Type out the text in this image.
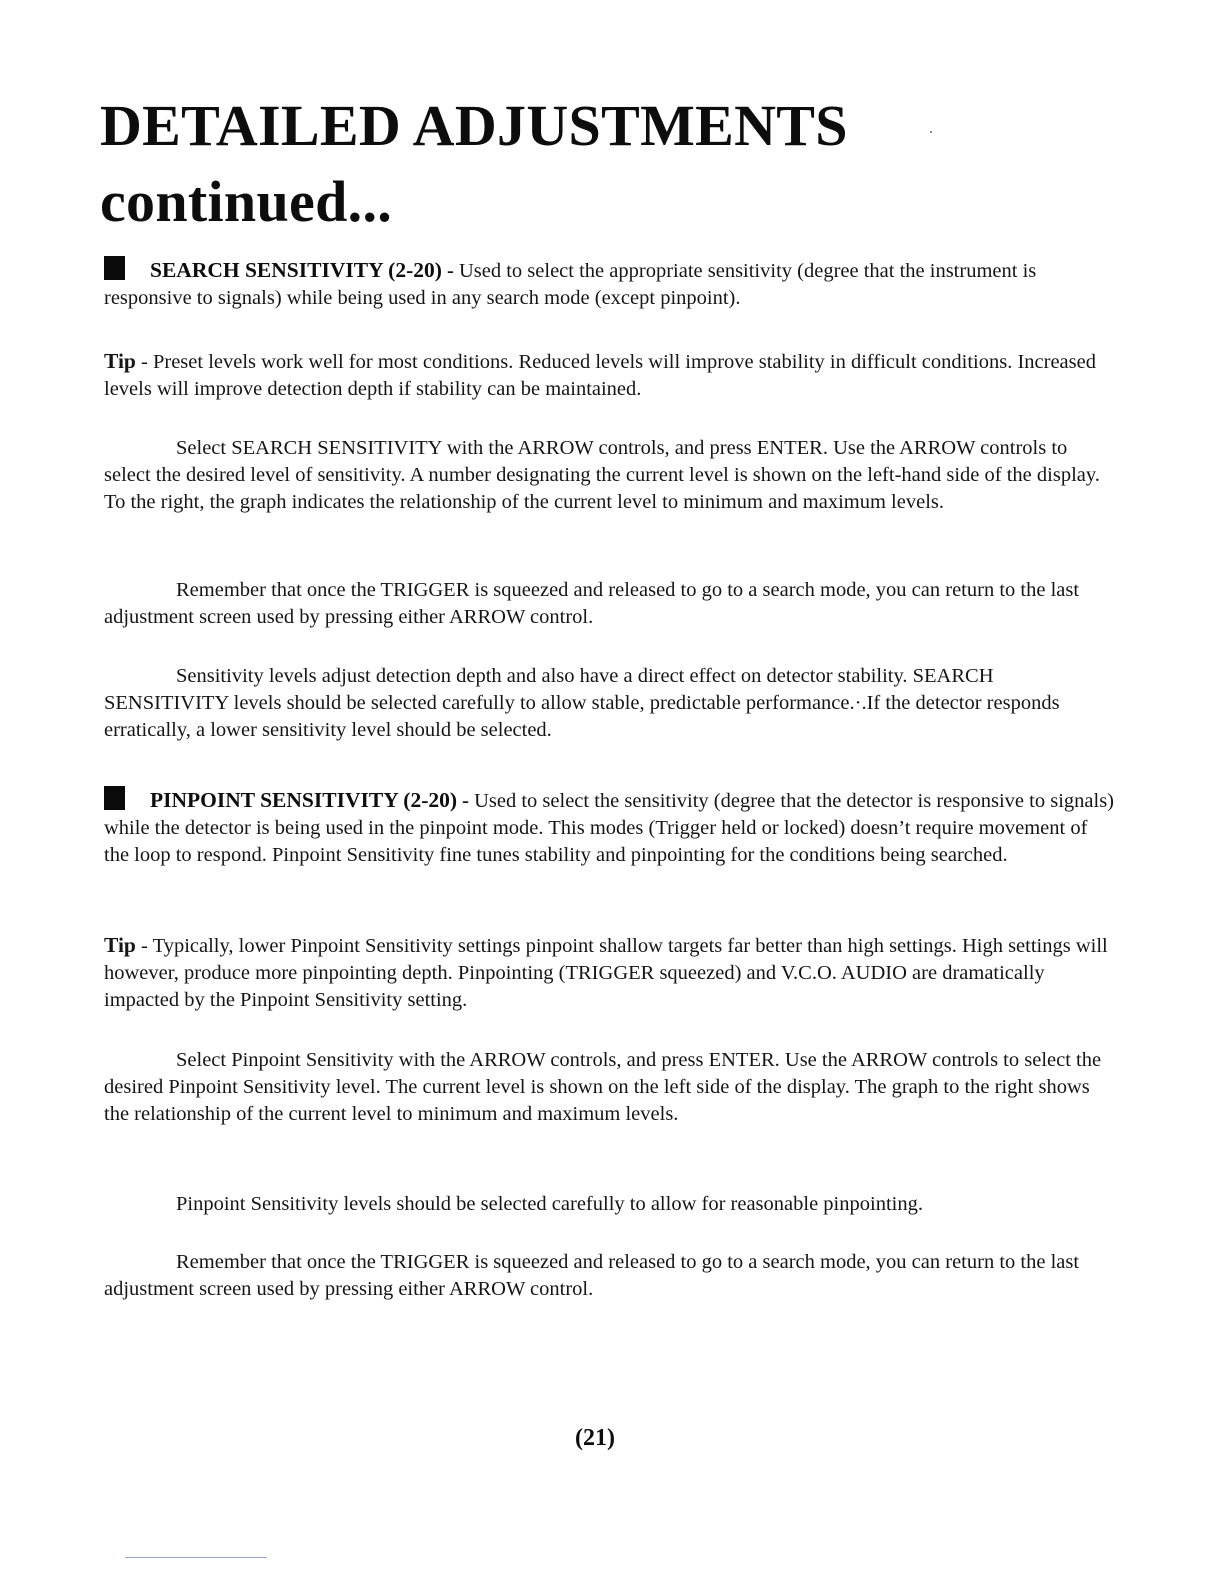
DETAILED ADJUSTMENTS
continued...

SEARCH SENSITIVITY (2-20) - Used to select the appropriate sensitivity (degree that the instrument is responsive to signals) while being used in any search mode (except pinpoint).

Tip - Preset levels work well for most conditions. Reduced levels will improve stability in difficult conditions. Increased levels will improve detection depth if stability can be maintained.

Select SEARCH SENSITIVITY with the ARROW controls, and press ENTER. Use the ARROW controls to select the desired level of sensitivity. A number designating the current level is shown on the left-hand side of the display. To the right, the graph indicates the relationship of the current level to minimum and maximum levels.

Remember that once the TRIGGER is squeezed and released to go to a search mode, you can return to the last adjustment screen used by pressing either ARROW control.

Sensitivity levels adjust detection depth and also have a direct effect on detector stability. SEARCH SENSITIVITY levels should be selected carefully to allow stable, predictable performance.·.If the detector responds erratically, a lower sensitivity level should be selected.

PINPOINT SENSITIVITY (2-20) - Used to select the sensitivity (degree that the detector is responsive to signals) while the detector is being used in the pinpoint mode. This modes (Trigger held or locked) doesn’t require movement of the loop to respond. Pinpoint Sensitivity fine tunes stability and pinpointing for the conditions being searched.

Tip - Typically, lower Pinpoint Sensitivity settings pinpoint shallow targets far better than high settings. High settings will however, produce more pinpointing depth. Pinpointing (TRIGGER squeezed) and V.C.O. AUDIO are dramatically impacted by the Pinpoint Sensitivity setting.

Select Pinpoint Sensitivity with the ARROW controls, and press ENTER. Use the ARROW controls to select the desired Pinpoint Sensitivity level. The current level is shown on the left side of the display. The graph to the right shows the relationship of the current level to minimum and maximum levels.

Pinpoint Sensitivity levels should be selected carefully to allow for reasonable pinpointing.

Remember that once the TRIGGER is squeezed and released to go to a search mode, you can return to the last adjustment screen used by pressing either ARROW control.

(21)
